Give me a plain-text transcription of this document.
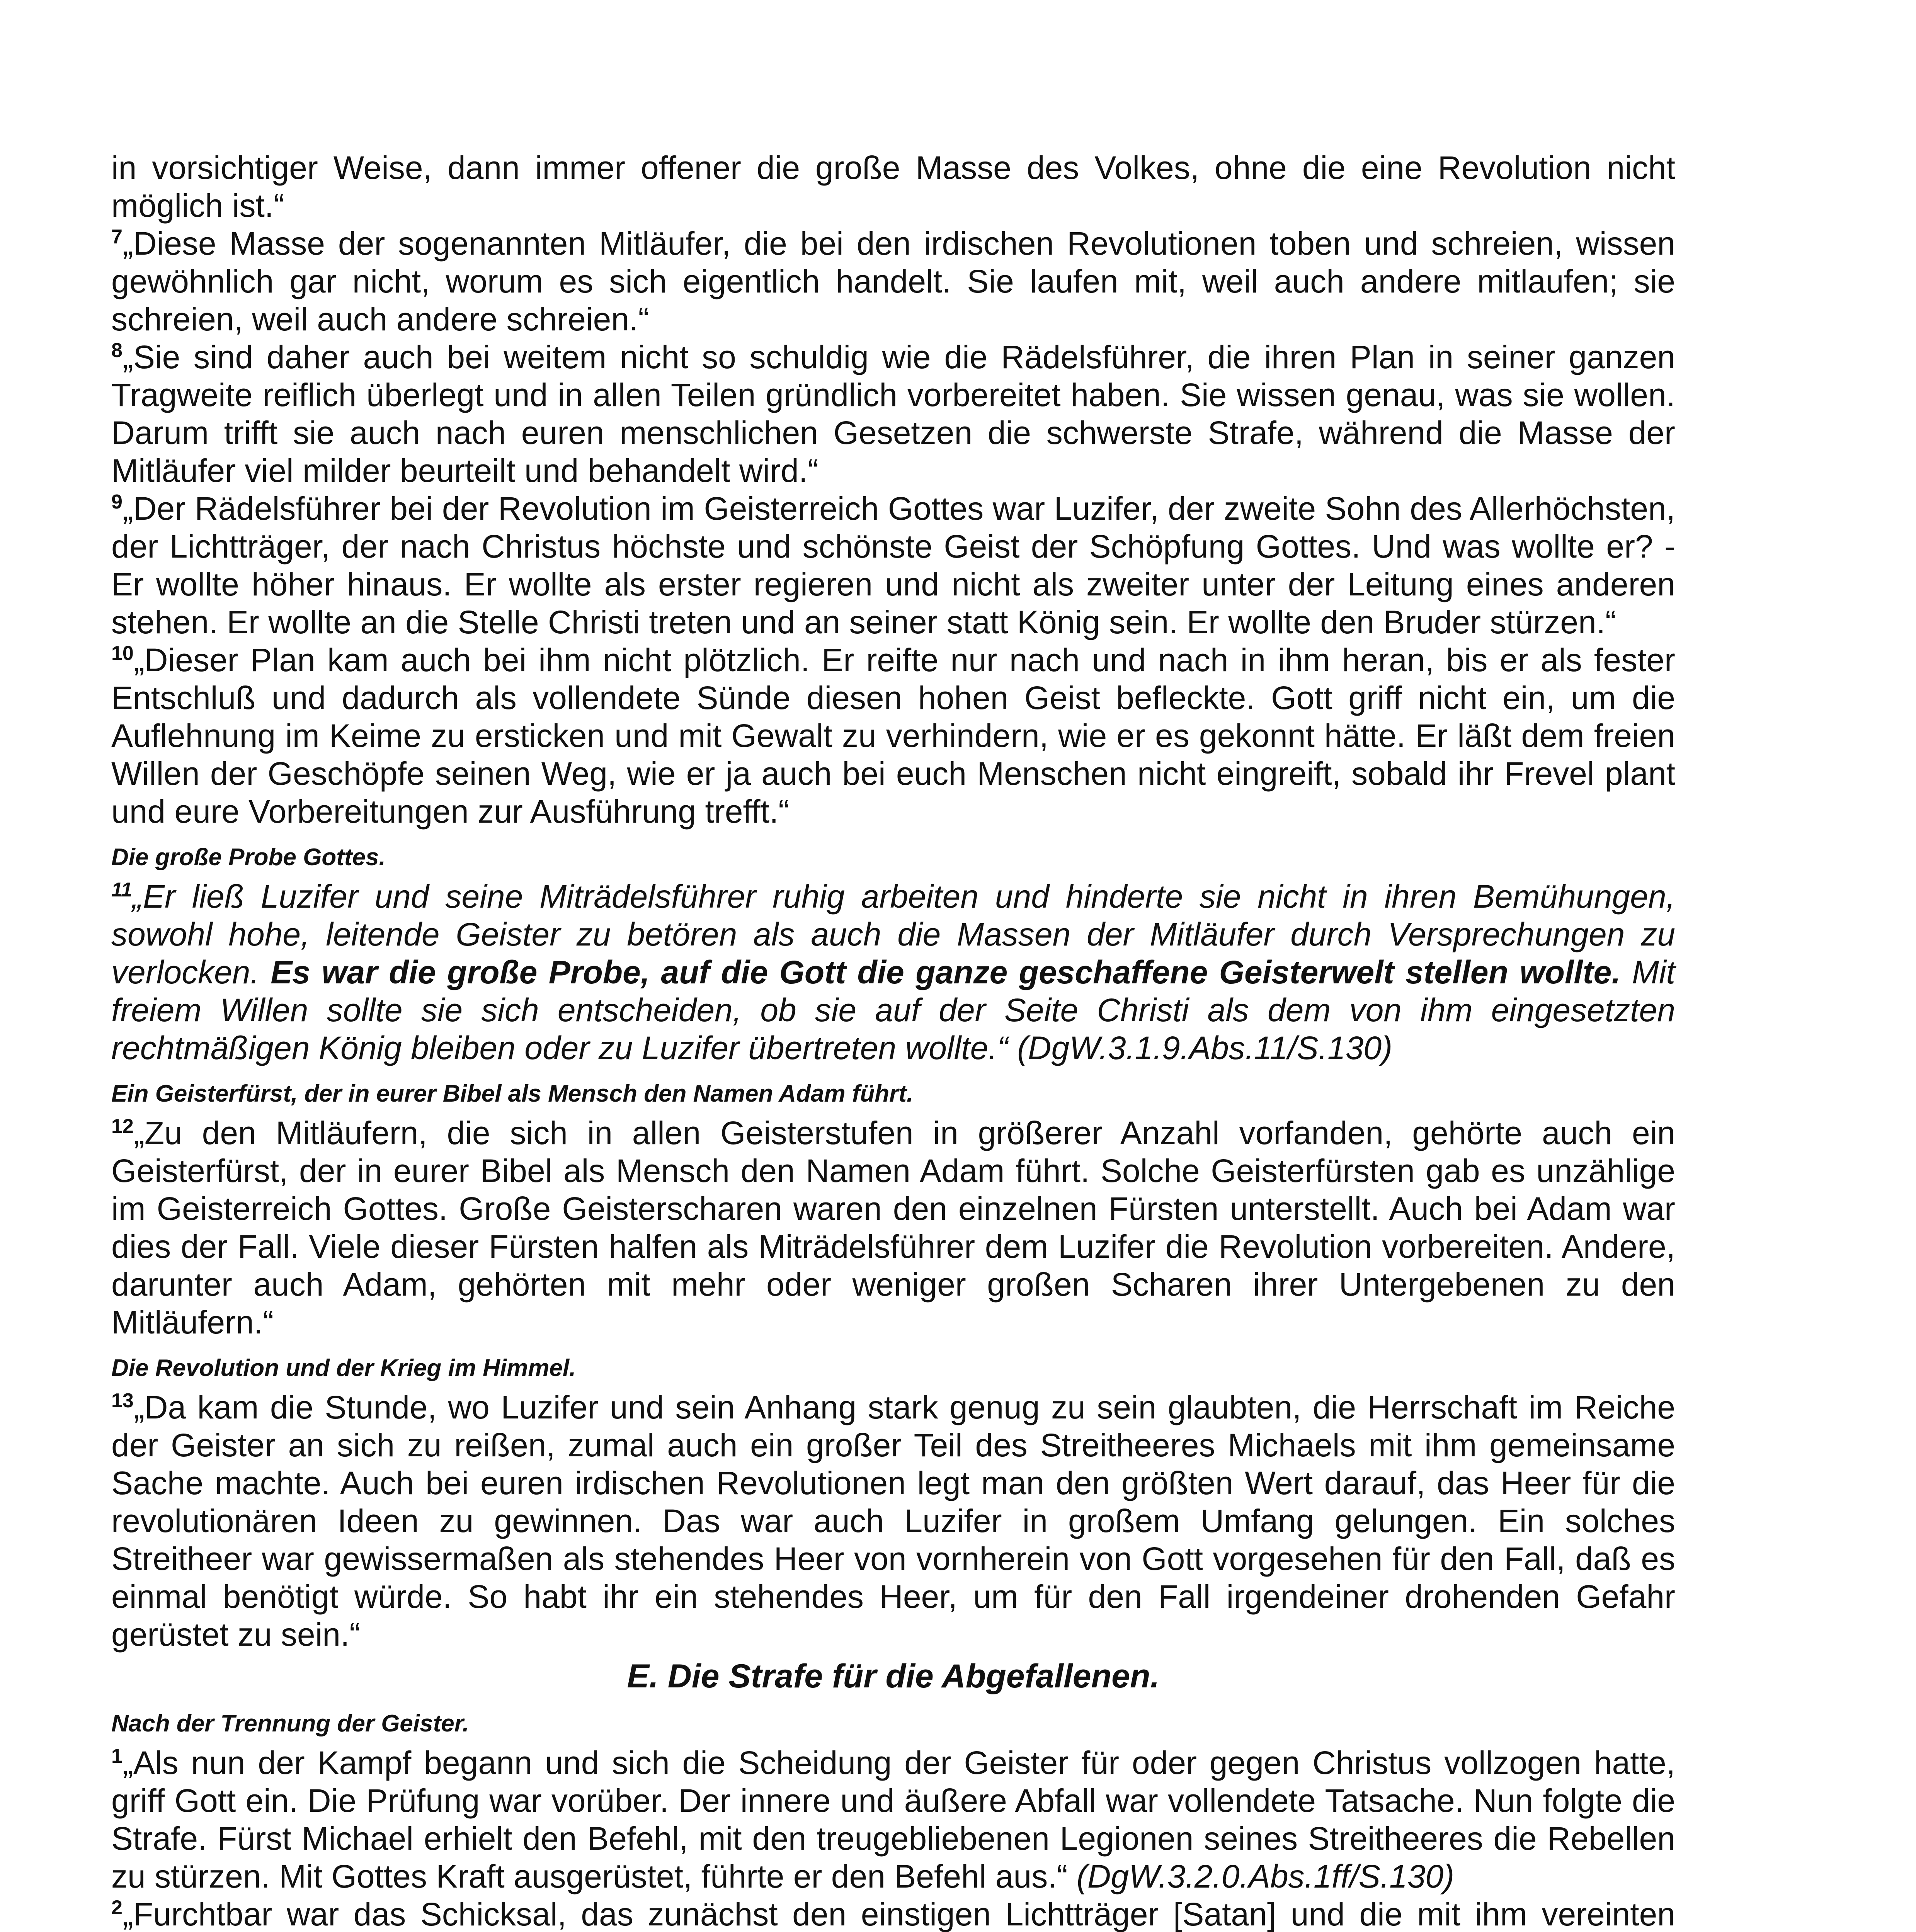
in vorsichtiger Weise, dann immer offener die große Masse des Volkes, ohne die eine Revolution nicht möglich ist.“

$^7$„Diese Masse der sogenannten Mitläufer, die bei den irdischen Revolutionen toben und schreien, wissen gewöhnlich gar nicht, worum es sich eigentlich handelt. Sie laufen mit, weil auch andere mitlaufen; sie schreien, weil auch andere schreien.“

$^8$„Sie sind daher auch bei weitem nicht so schuldig wie die Rädelsführer, die ihren Plan in seiner ganzen Tragweite reiflich überlegt und in allen Teilen gründlich vorbereitet haben. Sie wissen genau, was sie wollen. Darum trifft sie auch nach euren menschlichen Gesetzen die schwerste Strafe, während die Masse der Mitläufer viel milder beurteilt und behandelt wird.“

$^9$„Der Rädelsführer bei der Revolution im Geisterreich Gottes war Luzifer, der zweite Sohn des Allerhöchsten, der Lichtträger, der nach Christus höchste und schönste Geist der Schöpfung Gottes. Und was wollte er? - Er wollte höher hinaus. Er wollte als erster regieren und nicht als zweiter unter der Leitung eines anderen stehen. Er wollte an die Stelle Christi treten und an seiner statt König sein. Er wollte den Bruder stürzen.“

$^{10}$„Dieser Plan kam auch bei ihm nicht plötzlich. Er reifte nur nach und nach in ihm heran, bis er als fester Entschluß und dadurch als vollendete Sünde diesen hohen Geist befleckte. Gott griff nicht ein, um die Auflehnung im Keime zu ersticken und mit Gewalt zu verhindern, wie er es gekonnt hätte. Er läßt dem freien Willen der Geschöpfe seinen Weg, wie er ja auch bei euch Menschen nicht eingreift, sobald ihr Frevel plant und eure Vorbereitungen zur Ausführung trefft.“

Die große Probe Gottes.

$^{11}$„Er ließ Luzifer und seine Miträdelsführer ruhig arbeiten und hinderte sie nicht in ihren Bemühungen, sowohl hohe, leitende Geister zu betören als auch die Massen der Mitläufer durch Versprechungen zu verlocken. Es war die große Probe, auf die Gott die ganze geschaffene Geisterwelt stellen wollte. Mit freiem Willen sollte sie sich entscheiden, ob sie auf der Seite Christi als dem von ihm eingesetzten rechtmäßigen König bleiben oder zu Luzifer übertreten wollte.“ (DgW.3.1.9.Abs.11/S.130)

Ein Geisterfürst, der in eurer Bibel als Mensch den Namen Adam führt.

$^{12}$„Zu den Mitläufern, die sich in allen Geisterstufen in größerer Anzahl vorfanden, gehörte auch ein Geisterfürst, der in eurer Bibel als Mensch den Namen Adam führt. Solche Geisterfürsten gab es unzählige im Geisterreich Gottes. Große Geisterscharen waren den einzelnen Fürsten unterstellt. Auch bei Adam war dies der Fall. Viele dieser Fürsten halfen als Miträdelsführer dem Luzifer die Revolution vorbereiten. Andere, darunter auch Adam, gehörten mit mehr oder weniger großen Scharen ihrer Untergebenen zu den Mitläufern.“

Die Revolution und der Krieg im Himmel.

$^{13}$„Da kam die Stunde, wo Luzifer und sein Anhang stark genug zu sein glaubten, die Herrschaft im Reiche der Geister an sich zu reißen, zumal auch ein großer Teil des Streitheeres Michaels mit ihm gemeinsame Sache machte. Auch bei euren irdischen Revolutionen legt man den größten Wert darauf, das Heer für die revolutionären Ideen zu gewinnen. Das war auch Luzifer in großem Umfang gelungen. Ein solches Streitheer war gewissermaßen als stehendes Heer von vornherein von Gott vorgesehen für den Fall, daß es einmal benötigt würde. So habt ihr ein stehendes Heer, um für den Fall irgendeiner drohenden Gefahr gerüstet zu sein.“

E. Die Strafe für die Abgefallenen.
Nach der Trennung der Geister.

$^1$„Als nun der Kampf begann und sich die Scheidung der Geister für oder gegen Christus vollzogen hatte, griff Gott ein. Die Prüfung war vorüber. Der innere und äußere Abfall war vollendete Tatsache. Nun folgte die Strafe. Fürst Michael erhielt den Befehl, mit den treugebliebenen Legionen seines Streitheeres die Rebellen zu stürzen. Mit Gottes Kraft ausgerüstet, führte er den Befehl aus.“ (DgW.3.2.0.Abs.1ff/S.130)

$^2$„Furchtbar war das Schicksal, das zunächst den einstigen Lichtträger [Satan] und die mit ihm vereinten
